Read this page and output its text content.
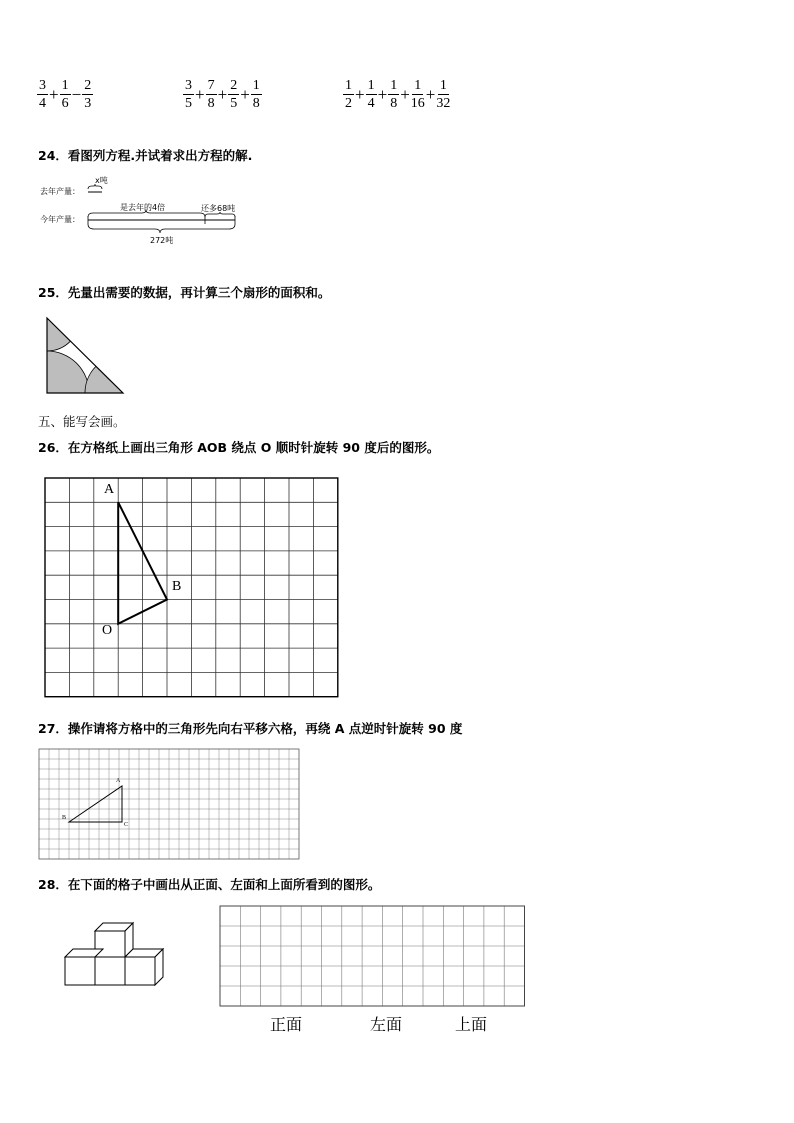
$\frac{3}{4} + \frac{1}{6} - \frac{2}{3}$	$\frac{3}{5} + \frac{7}{8} + \frac{2}{5} + \frac{1}{8}$	$\frac{1}{2} + \frac{1}{4} + \frac{1}{8} + \frac{1}{16} + \frac{1}{32}$
24．看图列方程.并试着求出方程的解.
去年产量：
今年产量：
x吨
是去年的4倍	还多68吨
272吨
25．先量出需要的数据，再计算三个扇形的面积和。
五、能写会画。
26．在方格纸上画出三角形 AOB 绕点 O 顺时针旋转 90 度后的图形。
A
B
O
27．操作请将方格中的三角形先向右平移六格，再绕 A 点逆时针旋转 90 度
A
B
C
28．在下面的格子中画出从正面、左面和上面所看到的图形。
正面	左面	上面
